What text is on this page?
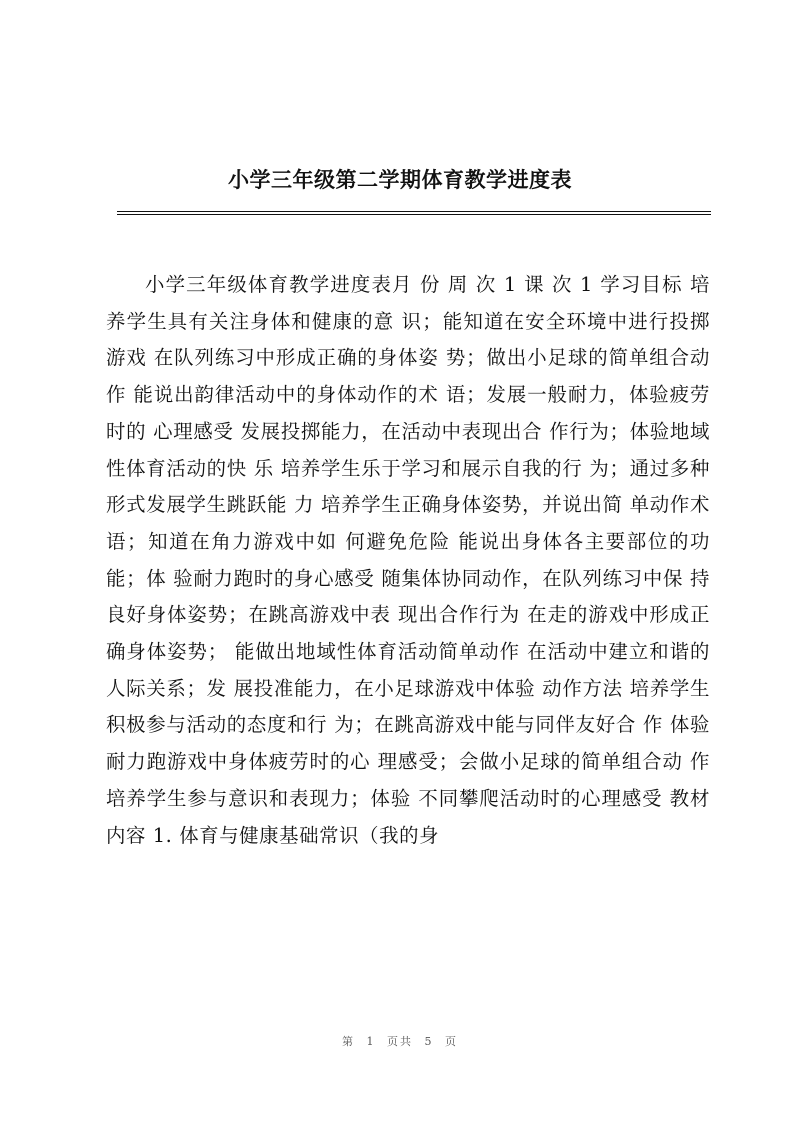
小学三年级第二学期体育教学进度表

小学三年级体育教学进度表月 份 周 次 1 课 次 1 学习目标 培养学生具有关注身体和健康的意 识；能知道在安全环境中进行投掷 游戏 在队列练习中形成正确的身体姿 势；做出小足球的简单组合动作 能说出韵律活动中的身体动作的术 语；发展一般耐力，体验疲劳时的 心理感受 发展投掷能力，在活动中表现出合 作行为；体验地域性体育活动的快 乐 培养学生乐于学习和展示自我的行 为；通过多种形式发展学生跳跃能 力 培养学生正确身体姿势，并说出简 单动作术语；知道在角力游戏中如 何避免危险 能说出身体各主要部位的功能；体 验耐力跑时的身心感受 随集体协同动作，在队列练习中保 持良好身体姿势；在跳高游戏中表 现出合作行为 在走的游戏中形成正确身体姿势； 能做出地域性体育活动简单动作 在活动中建立和谐的人际关系；发 展投准能力，在小足球游戏中体验 动作方法 培养学生积极参与活动的态度和行 为；在跳高游戏中能与同伴友好合 作 体验耐力跑游戏中身体疲劳时的心 理感受；会做小足球的简单组合动 作 培养学生参与意识和表现力；体验 不同攀爬活动时的心理感受 教材内容 1. 体育与健康基础常识（我的身

第 1 页共 5 页
